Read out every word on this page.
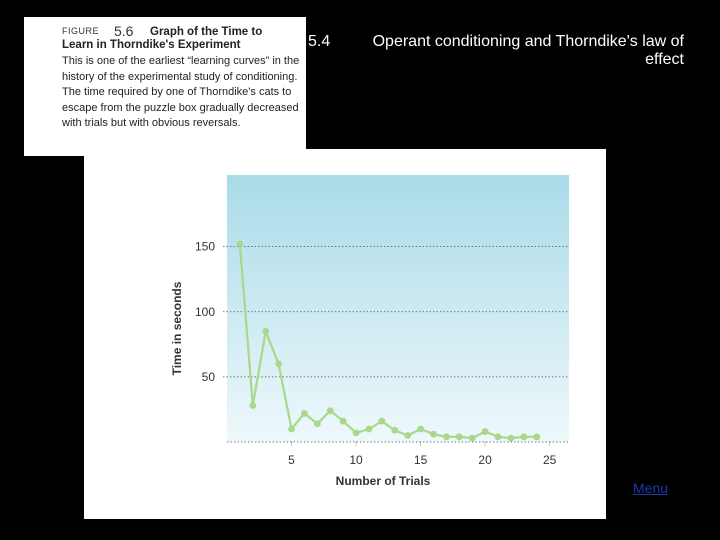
FIGURE 5.6 Graph of the Time to
Learn in Thorndike's Experiment
This is one of the earliest “learning curves” in the history of the experimental study of conditioning. The time required by one of Thorndike's cats to escape from the puzzle box gradually decreased with trials but with obvious reversals.
5.4	Operant conditioning and Thorndike's law of effect
50
100
150
5	10	15	20	25
Number of Trials
Time in seconds
Menu
